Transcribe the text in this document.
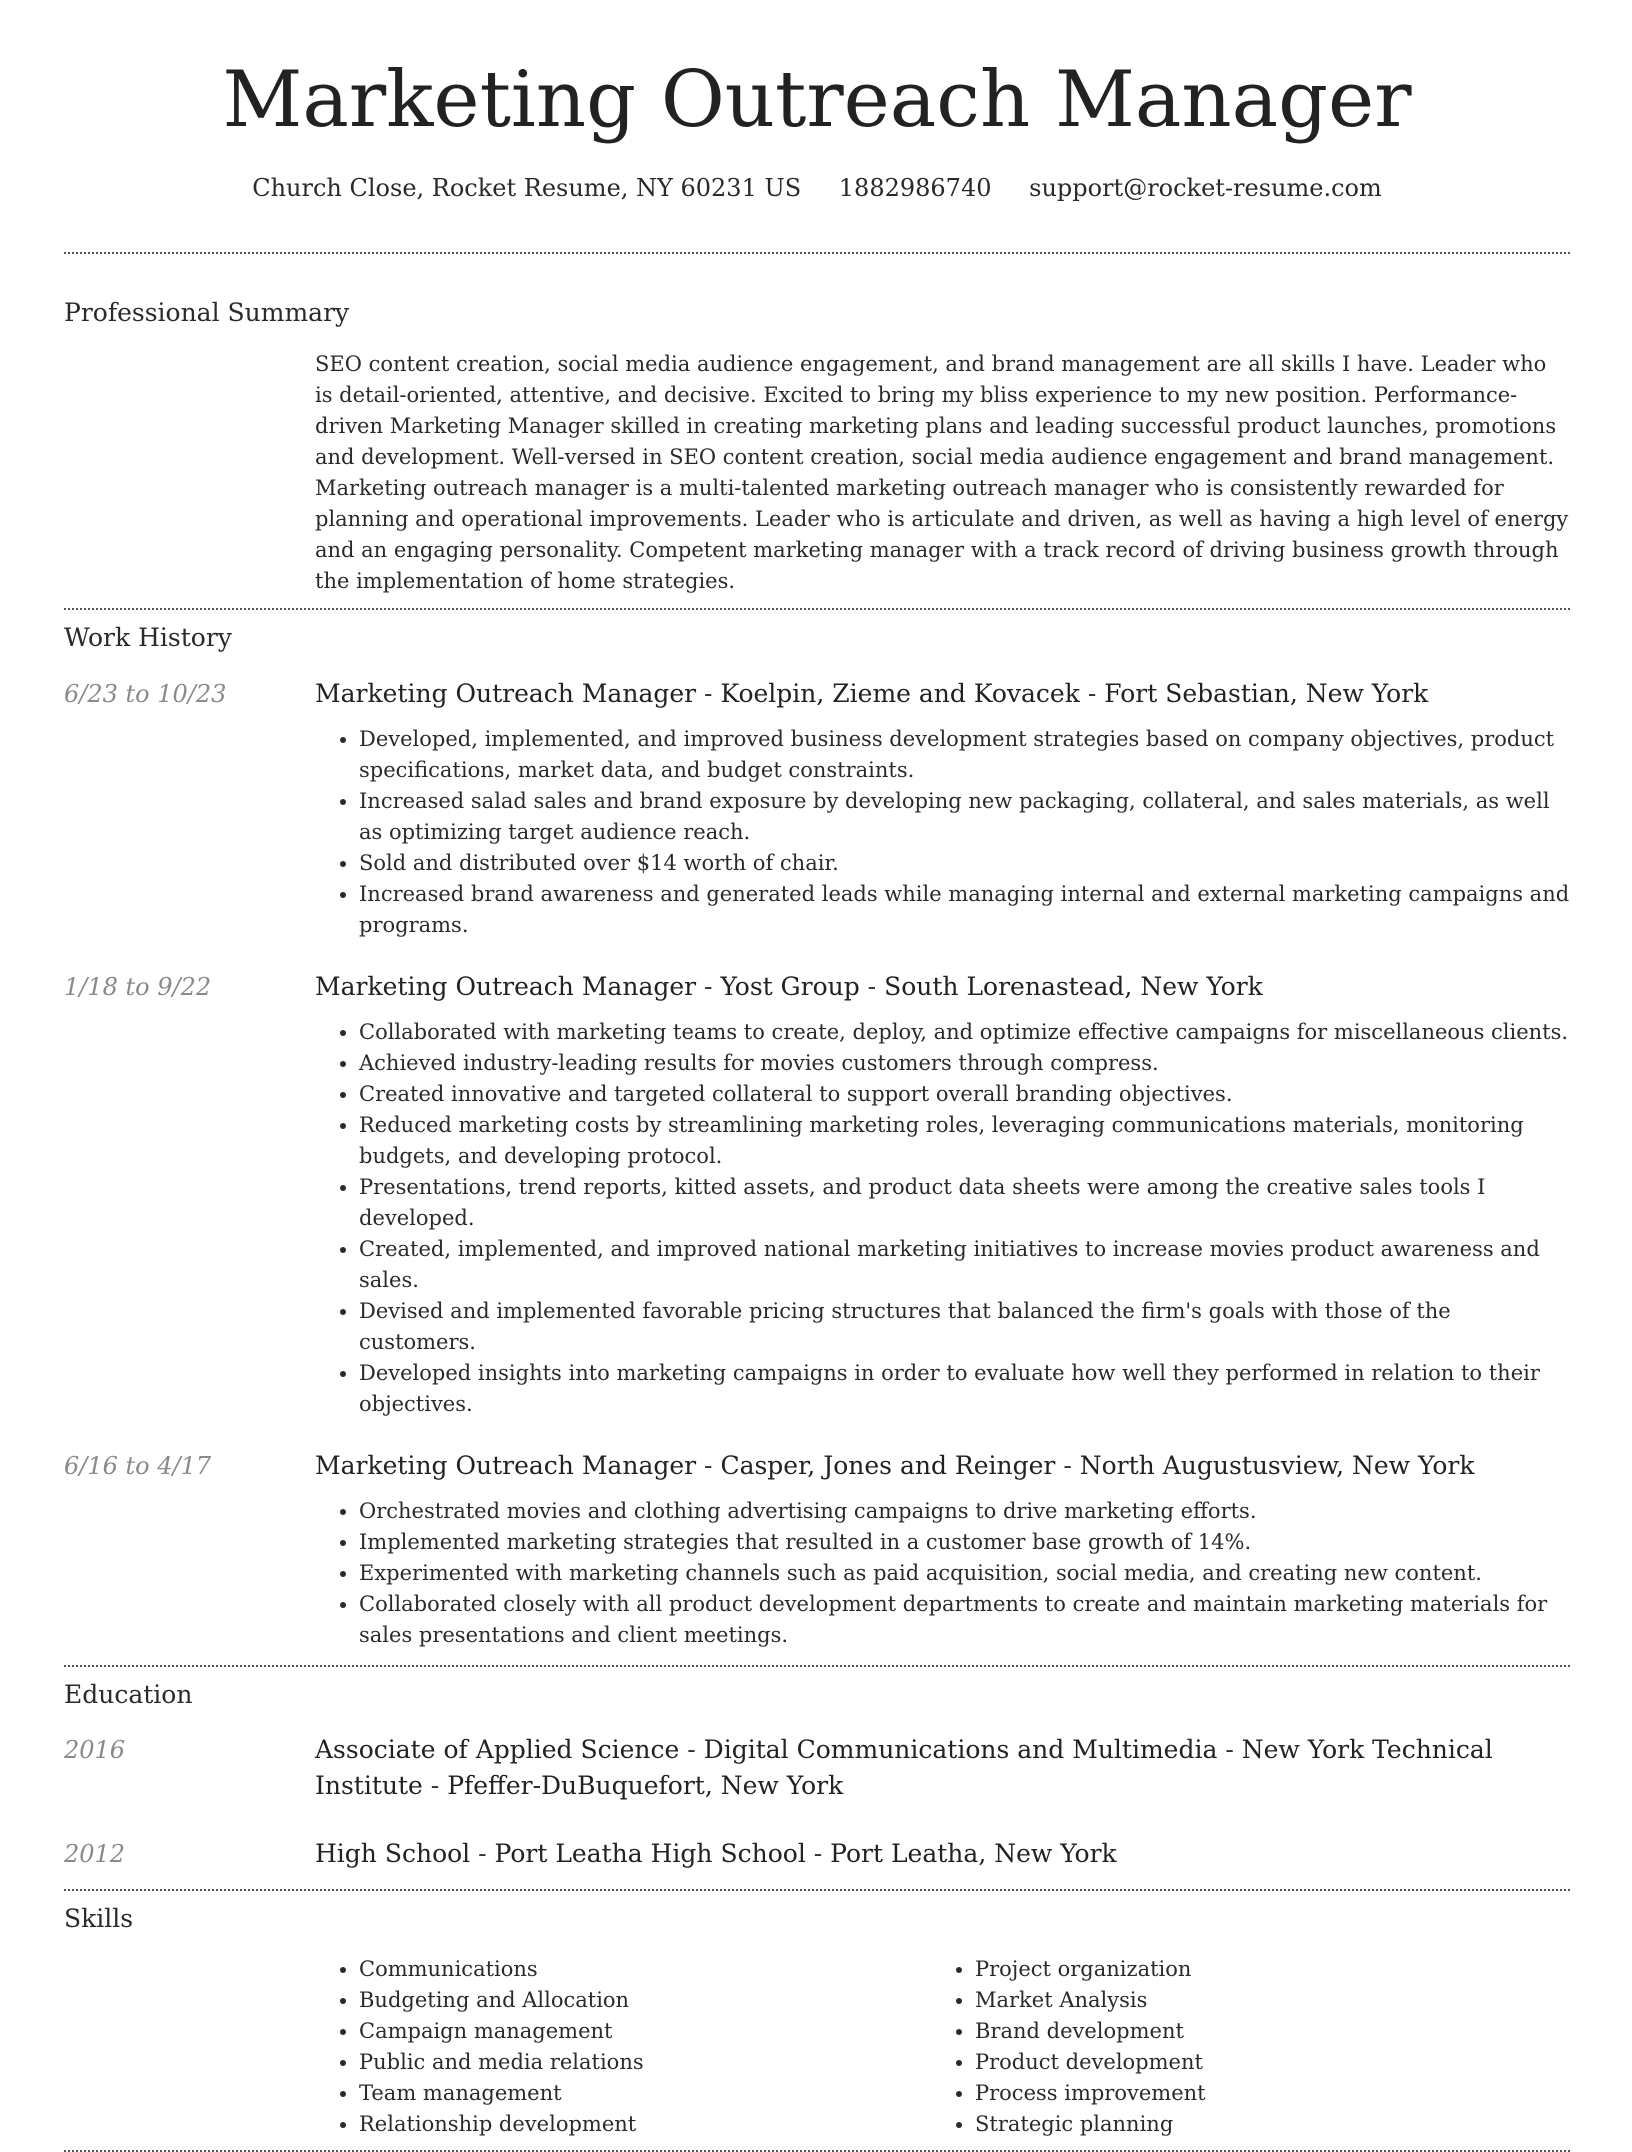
Marketing Outreach Manager
Church Close, Rocket Resume, NY 60231 US 1882986740 support@rocket-resume.com
Professional Summary
SEO content creation, social media audience engagement, and brand management are all skills I have. Leader who is detail-oriented, attentive, and decisive. Excited to bring my bliss experience to my new position. Performance-driven Marketing Manager skilled in creating marketing plans and leading successful product launches, promotions and development. Well-versed in SEO content creation, social media audience engagement and brand management. Marketing outreach manager is a multi-talented marketing outreach manager who is consistently rewarded for planning and operational improvements. Leader who is articulate and driven, as well as having a high level of energy and an engaging personality. Competent marketing manager with a track record of driving business growth through the implementation of home strategies.
Work History
6/23 to 10/23	Marketing Outreach Manager - Koelpin, Zieme and Kovacek - Fort Sebastian, New York
• Developed, implemented, and improved business development strategies based on company objectives, product specifications, market data, and budget constraints.
• Increased salad sales and brand exposure by developing new packaging, collateral, and sales materials, as well as optimizing target audience reach.
• Sold and distributed over $14 worth of chair.
• Increased brand awareness and generated leads while managing internal and external marketing campaigns and programs.
1/18 to 9/22	Marketing Outreach Manager - Yost Group - South Lorenastead, New York
• Collaborated with marketing teams to create, deploy, and optimize effective campaigns for miscellaneous clients.
• Achieved industry-leading results for movies customers through compress.
• Created innovative and targeted collateral to support overall branding objectives.
• Reduced marketing costs by streamlining marketing roles, leveraging communications materials, monitoring budgets, and developing protocol.
• Presentations, trend reports, kitted assets, and product data sheets were among the creative sales tools I developed.
• Created, implemented, and improved national marketing initiatives to increase movies product awareness and sales.
• Devised and implemented favorable pricing structures that balanced the firm's goals with those of the customers.
• Developed insights into marketing campaigns in order to evaluate how well they performed in relation to their objectives.
6/16 to 4/17	Marketing Outreach Manager - Casper, Jones and Reinger - North Augustusview, New York
• Orchestrated movies and clothing advertising campaigns to drive marketing efforts.
• Implemented marketing strategies that resulted in a customer base growth of 14%.
• Experimented with marketing channels such as paid acquisition, social media, and creating new content.
• Collaborated closely with all product development departments to create and maintain marketing materials for sales presentations and client meetings.
Education
2016	Associate of Applied Science - Digital Communications and Multimedia - New York Technical Institute - Pfeffer-DuBuquefort, New York
2012	High School - Port Leatha High School - Port Leatha, New York
Skills
• Communications
• Budgeting and Allocation
• Campaign management
• Public and media relations
• Team management
• Relationship development
• Project organization
• Market Analysis
• Brand development
• Product development
• Process improvement
• Strategic planning
